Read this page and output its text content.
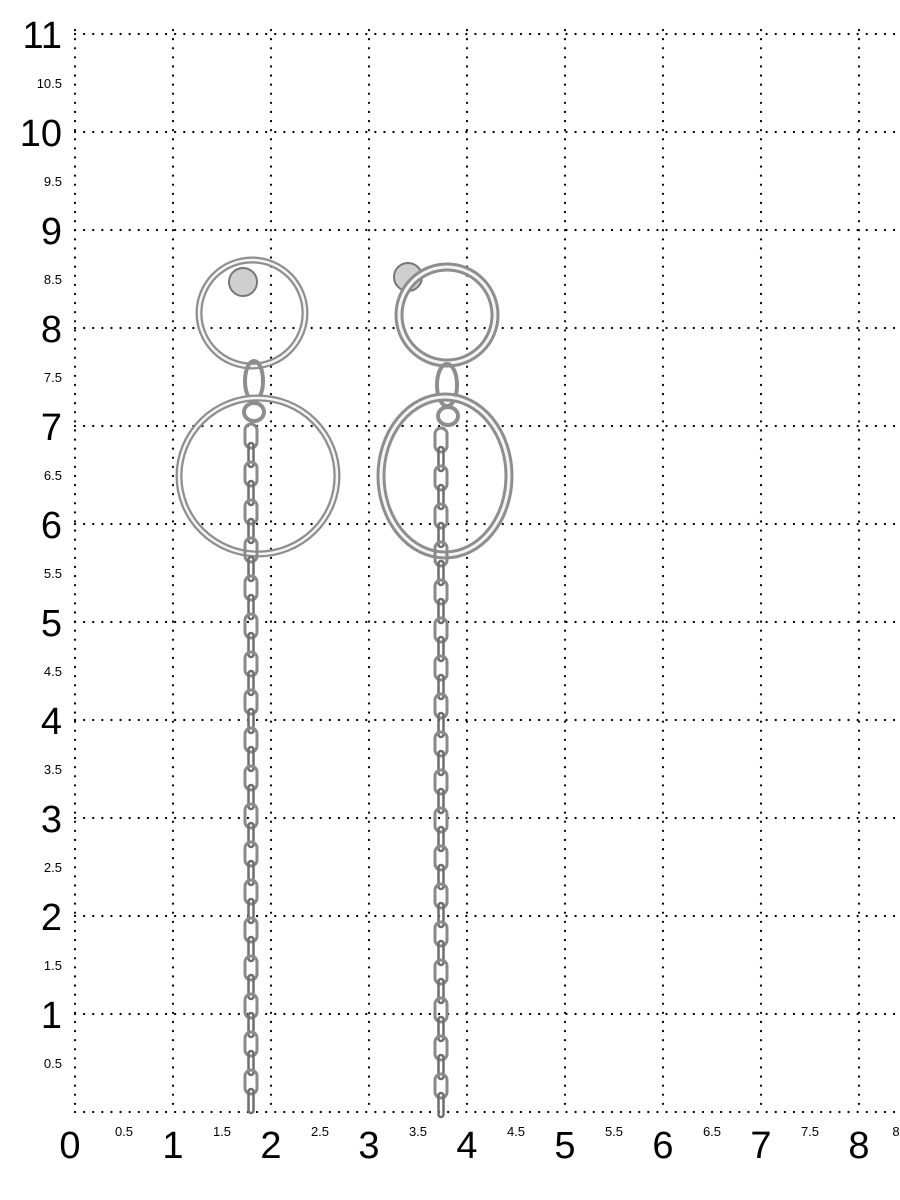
1
2
3
4
5
6
7
8
9
10
11
0.5
1.5
2.5
3.5
4.5
5.5
6.5
7.5
8.5
9.5
10.5
0 1 2 3 4 5 6 7 8
0.5	1.5	2.5	3.5	4.5	5.5	6.5	7.5	8
